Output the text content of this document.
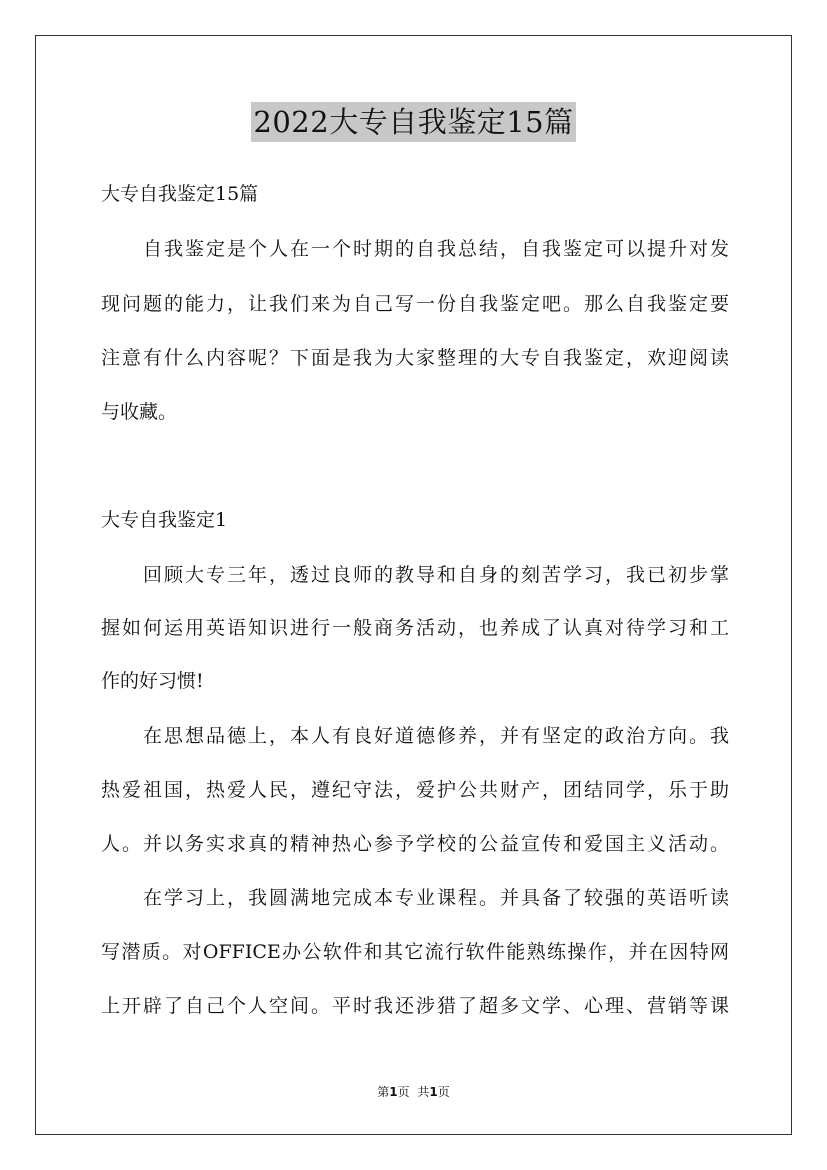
2022大专自我鉴定15篇
大专自我鉴定15篇
自我鉴定是个人在一个时期的自我总结，自我鉴定可以提升对发
现问题的能力，让我们来为自己写一份自我鉴定吧。那么自我鉴定要
注意有什么内容呢？下面是我为大家整理的大专自我鉴定，欢迎阅读
与收藏。
大专自我鉴定1
回顾大专三年，透过良师的教导和自身的刻苦学习，我已初步掌
握如何运用英语知识进行一般商务活动，也养成了认真对待学习和工
作的好习惯!
在思想品德上，本人有良好道德修养，并有坚定的政治方向。我
热爱祖国，热爱人民，遵纪守法，爱护公共财产，团结同学，乐于助
人。并以务实求真的精神热心参予学校的公益宣传和爱国主义活动。
在学习上，我圆满地完成本专业课程。并具备了较强的英语听读
写潜质。对OFFICE办公软件和其它流行软件能熟练操作，并在因特网
上开辟了自己个人空间。平时我还涉猎了超多文学、心理、营销等课
第1页 共1页
